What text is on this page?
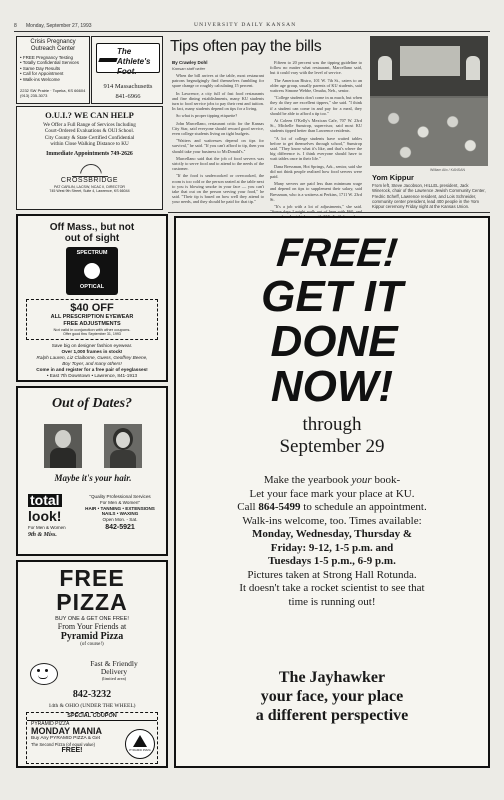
8 Monday, September 27, 1993	UNIVERSITY DAILY KANSAN
Crisis Pregnancy Outreach Center
• FREE Pregnancy Testing
• Totally Confidential Services
• Same Day Results
• Call for Appointment
• Walk-ins Welcome
2232 SW Prairie · Topeka, KS 66604
(913) 235-3073
The Athlete's Foot.
914 Massachusetts
841-6966
O.U.I.? WE CAN HELP
We Offer a Full Range of Services Including
Court-Ordered Evaluations & OUI School.
City County & State Certified Confidential
within Close Walking Distance to KU
Immediate Appointments 749-2626
CROSSBRIDGE
PAT CARLIN, LACSW, NCAC II, DIRECTOR
745 West 9th Street, Suite 4, Lawrence, KS 66044
Tips often pay the bills
By Crawley Dohl
Kansan staff writer

When the bill arrives at the table, most restaurant patrons begrudgingly find themselves fumbling for spare change or roughly calculating 15 percent.

In Lawrence, a city full of fast food restaurants and fine dining establishments, many KU students turn to food service jobs to pay their rent and tuition. In fact, many students depend on tips for a living.

So what is proper tipping etiquette?

John Marcellano, restaurant critic for the Kansas City Star, said everyone should reward good service, even college students living on tight budgets.

"Waiters and waitresses depend on tips for survival," he said. "If you can't afford to tip, then you should take your business to McDonald's."

Marcellano said that the job of food servers was strictly to serve food and to attend to the needs of the customer.

"If the food is undercooked or overcooked, the room is too cold or the person seated at the table next to you is blowing smoke in your face — you can't take that out on the person serving your food," he said. "Their tip is based on how well they attend to your needs, and they should be paid for that tip."

Fifteen to 20 percent was the tipping guideline to follow no matter what restaurant, Marcellano said, but it could vary with the level of service.

The American Bistro, 101 W. 7th St., caters to an older age group, usually parents of KU students, said waitress Simone Webbe, Omaha, Neb., senior.

"College students don't come in as much, but when they do they are excellent tippers," she said. "I think if a student can come in and pay for a meal, they should be able to afford a tip too."

At Coleen O'Kelly's Mexican Cafe, 707 W. 23rd St., Michelle Sunstrop, supervisor, said most KU students tipped better than Lawrence residents.

"A lot of college students have waited tables before to get themselves through school," Sunstrop said. "They know what it's like, and that's where the big difference is. I think everyone should have to wait tables once in their life."

Dana Bressman, Hot Springs, Ark., senior, said she did not think people realized how food servers were paid.

Many servers are paid less than minimum wage and depend on tips to supplement their salary, said Bressman, who is a waitress at Perkins, 1711 W. 23rd St.

"It's a job with a lot of adjustments," she said.

William Alix / KANSAN
Yom Kippur
From left, Steve Jacobson, HILLEL president, Jack Winerock, chair of the Lawrence Jewish Community Center, Fredric Scheff, Lawrence resident, and Lois Schneider, community center president, lead 400 people in the Yom Kippur ceremony Friday night at the Kansas Union.
Off Mass., but not
out of sight
SPECTRUM
OPTICAL
$40 OFF
ALL PRESCRIPTION EYEWEAR
FREE ADJUSTMENTS
Not valid in conjunction with other coupons.
Offer good thru September 31, 1993
Save big on designer fashion eyewear.
Over 1,000 frames in stock!
Ralph Lauren, Liz Claiborne, Guess, Geoffrey Beene,
Boy Toyer, and many others!
Come in and register for a free pair of eyeglasses!
• East 7th Downtown • Lawrence, 841-1913
Out of Dates?
Maybe it's your hair.
total
look!
For Men & Women
9th & Miss.
"Quality Professional Services
For Men & Women"
HAIR • TANNING • EXTENSIONS
NAILS • WAXING
Open Mon. - Sat.
842-5921
FREE
PIZZA
BUY ONE & GET ONE FREE!
From Your Friends at
Pyramid Pizza
(of course!)
Fast & Friendly
Delivery
(limited area)
842-3232
14th & OHIO (UNDER THE WHEEL)
SPECIAL COUPON
PYRAMID PIZZA
MONDAY MANIA
Buy Any PYRAMID PIZZA & Get
The Second Pizza (of equal value)
FREE!	PYRAMID PIZZA
FREE!
GET IT
DONE
NOW!
through
September 29
Make the yearbook your book-
Let your face mark your place at KU.
Call 864-5499 to schedule an appointment.
Walk-ins welcome, too. Times available:
Monday, Wednesday, Thursday &
Friday: 9-12, 1-5 p.m. and
Tuesdays 1-5 p.m., 6-9 p.m.
Pictures taken at Strong Hall Rotunda.
It doesn't take a rocket scientist to see that
time is running out!
The Jayhawker
your face, your place
a different perspective
